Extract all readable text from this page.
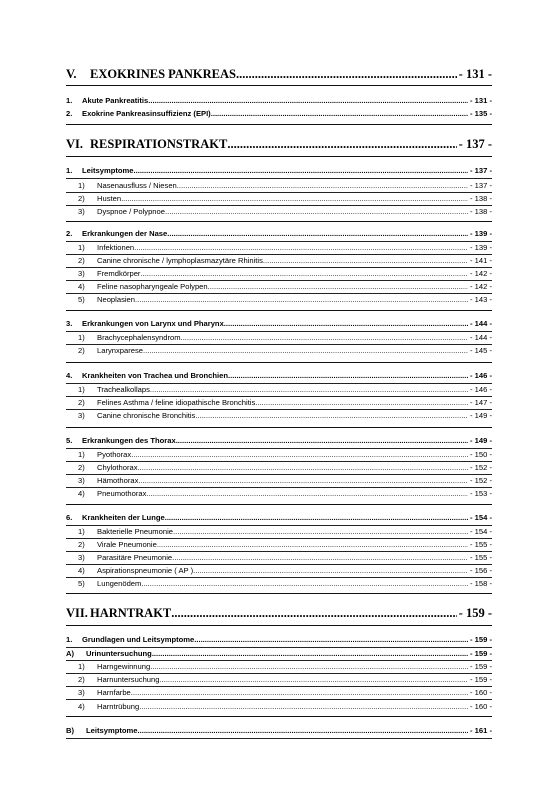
V.	EXOKRINES PANKREAS .....	- 131 -
1.	Akute Pankreatitis .....	- 131 -
2.	Exokrine Pankreasinsuffizienz (EPI) .....	- 135 -
VI. RESPIRATIONSTRAKT .....	- 137 -
1.	Leitsymptome .....	- 137 -
1)	Nasenausfluss / Niesen .....	- 137 -
2)	Husten .....	- 138 -
3)	Dyspnoe / Polypnoe .....	- 138 -
2.	Erkrankungen der Nase .....	- 139 -
1)	Infektionen .....	- 139 -
2)	Canine chronische / lymphoplasmazytäre Rhinitis .....	- 141 -
3)	Fremdkörper .....	- 142 -
4)	Feline nasopharyngeale Polypen .....	- 142 -
5)	Neoplasien .....	- 143 -
3.	Erkrankungen von Larynx und Pharynx .....	- 144 -
1)	Brachycephalensyndrom .....	- 144 -
2)	Larynxparese .....	- 145 -
4.	Krankheiten von Trachea und Bronchien .....	- 146 -
1)	Trachealkollaps .....	- 146 -
2)	Felines Asthma / feline idiopathische Bronchitis .....	- 147 -
3)	Canine chronische Bronchitis .....	- 149 -
5.	Erkrankungen des Thorax .....	- 149 -
1)	Pyothorax .....	- 150 -
2)	Chylothorax .....	- 152 -
3)	Hämothorax .....	- 152 -
4)	Pneumothorax .....	- 153 -
6.	Krankheiten der Lunge .....	- 154 -
1)	Bakterielle Pneumonie .....	- 154 -
2)	Virale Pneumonie .....	- 155 -
3)	Parasitäre Pneumonie .....	- 155 -
4)	Aspirationspneumonie ( AP ) .....	- 156 -
5)	Lungenödem .....	- 158 -
VII. HARNTRAKT .....	- 159 -
1.	Grundlagen und Leitsymptome .....	- 159 -
A)	Urinuntersuchung .....	- 159 -
1)	Harngewinnung .....	- 159 -
2)	Harnuntersuchung .....	- 159 -
3)	Harnfarbe .....	- 160 -
4)	Harntrübung .....	- 160 -
B)	Leitsymptome .....	- 161 -
